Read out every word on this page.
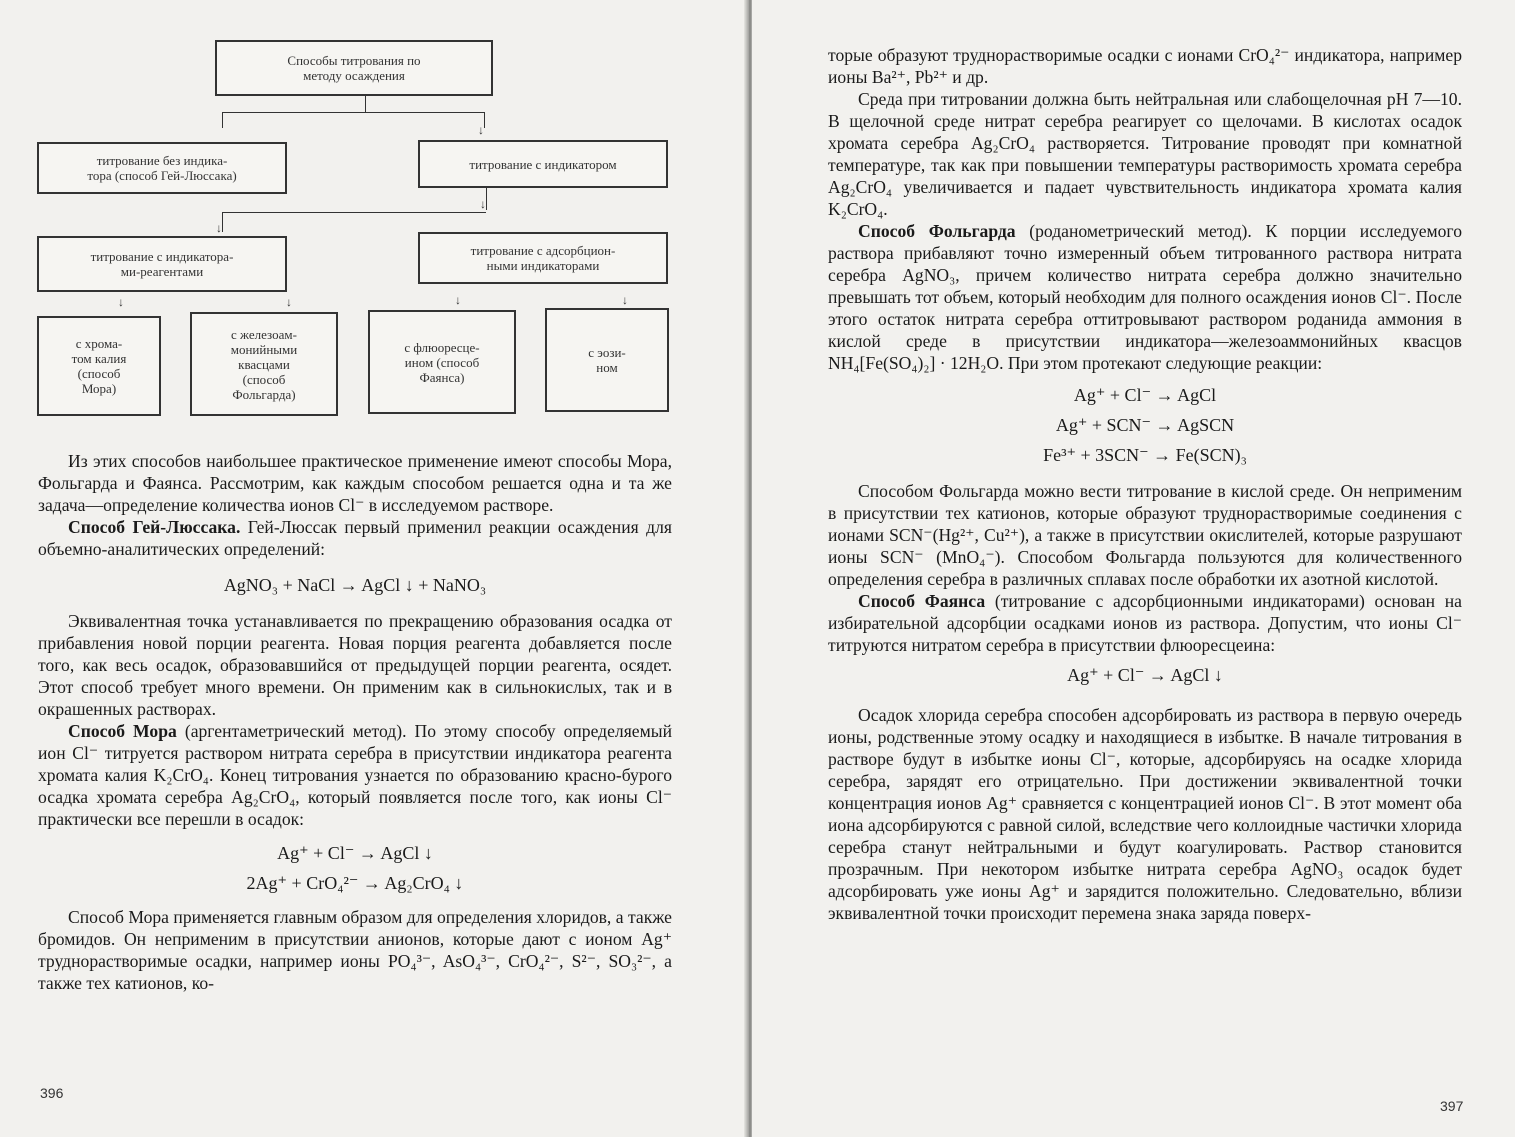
Способы титрования по
методу осаждения
↓
титрование без индика-
тора (способ Гей-Люссака)
титрование с индикатором
↓
↓
титрование с индикатора-
ми-реагентами
титрование с адсорбцион-
ными индикаторами
↓	↓	↓	↓
с хрома-
том калия
(способ
Мора)
с железоам-
монийными
квасцами
(способ
Фольгарда)
с флюоресце-
ином (способ
Фаянса)
с эози-
ном

Из этих способов наибольшее практическое применение имеют способы Мора, Фольгарда и Фаянса. Рассмотрим, как каждым способом решается одна и та же задача—определение количества ионов Cl⁻ в исследуемом растворе.

Способ Гей-Люссака. Гей-Люссак первый применил реакции осаждения для объемно-аналитических определений:

AgNO₃ + NaCl → AgCl ↓ + NaNO₃

Эквивалентная точка устанавливается по прекращению образования осадка от прибавления новой порции реагента. Новая порция реагента добавляется после того, как весь осадок, образовавшийся от предыдущей порции реагента, осядет. Этот способ требует много времени. Он применим как в сильнокислых, так и в окрашенных растворах.

Способ Мора (аргентаметрический метод). По этому способу определяемый ион Cl⁻ титруется раствором нитрата серебра в присутствии индикатора реагента хромата калия K₂CrO₄. Конец титрования узнается по образованию красно-бурого осадка хромата серебра Ag₂CrO₄, который появляется после того, как ионы Cl⁻ практически все перешли в осадок:

Ag⁺ + Cl⁻ → AgCl ↓
2Ag⁺ + CrO₄²⁻ → Ag₂CrO₄ ↓

Способ Мора применяется главным образом для определения хлоридов, а также бромидов. Он неприменим в присутствии анионов, которые дают с ионом Ag⁺ труднорастворимые осадки, например ионы PO₄³⁻, AsO₄³⁻, CrO₄²⁻, S²⁻, SO₃²⁻, а также тех катионов, ко-

396

торые образуют труднорастворимые осадки с ионами CrO₄²⁻ индикатора, например ионы Ba²⁺, Pb²⁺ и др.

Среда при титровании должна быть нейтральная или слабощелочная pH 7—10. В щелочной среде нитрат серебра реагирует со щелочами. В кислотах осадок хромата серебра Ag₂CrO₄ растворяется. Титрование проводят при комнатной температуре, так как при повышении температуры растворимость хромата серебра Ag₂CrO₄ увеличивается и падает чувствительность индикатора хромата калия K₂CrO₄.

Способ Фольгарда (роданометрический метод). К порции исследуемого раствора прибавляют точно измеренный объем титрованного раствора нитрата серебра AgNO₃, причем количество нитрата серебра должно значительно превышать тот объем, который необходим для полного осаждения ионов Cl⁻. После этого остаток нитрата серебра оттитровывают раствором роданида аммония в кислой среде в присутствии индикатора—железоаммонийных квасцов NH₄[Fe(SO₄)₂] · 12H₂O. При этом протекают следующие реакции:

Ag⁺ + Cl⁻ → AgCl
Ag⁺ + SCN⁻ → AgSCN
Fe³⁺ + 3SCN⁻ → Fe(SCN)₃

Способом Фольгарда можно вести титрование в кислой среде. Он неприменим в присутствии тех катионов, которые образуют труднорастворимые соединения с ионами SCN⁻(Hg²⁺, Cu²⁺), а также в присутствии окислителей, которые разрушают ионы SCN⁻ (MnO₄⁻). Способом Фольгарда пользуются для количественного определения серебра в различных сплавах после обработки их азотной кислотой.

Способ Фаянса (титрование с адсорбционными индикаторами) основан на избирательной адсорбции осадками ионов из раствора. Допустим, что ионы Cl⁻ титруются нитратом серебра в присутствии флюоресцеина:

Ag⁺ + Cl⁻ → AgCl ↓

Осадок хлорида серебра способен адсорбировать из раствора в первую очередь ионы, родственные этому осадку и находящиеся в избытке. В начале титрования в растворе будут в избытке ионы Cl⁻, которые, адсорбируясь на осадке хлорида серебра, зарядят его отрицательно. При достижении эквивалентной точки концентрация ионов Ag⁺ сравняется с концентрацией ионов Cl⁻. В этот момент оба иона адсорбируются с равной силой, вследствие чего коллоидные частички хлорида серебра станут нейтральными и будут коагулировать. Раствор становится прозрачным. При некотором избытке нитрата серебра AgNO₃ осадок будет адсорбировать уже ионы Ag⁺ и зарядится положительно. Следовательно, вблизи эквивалентной точки происходит перемена знака заряда поверх-

397
